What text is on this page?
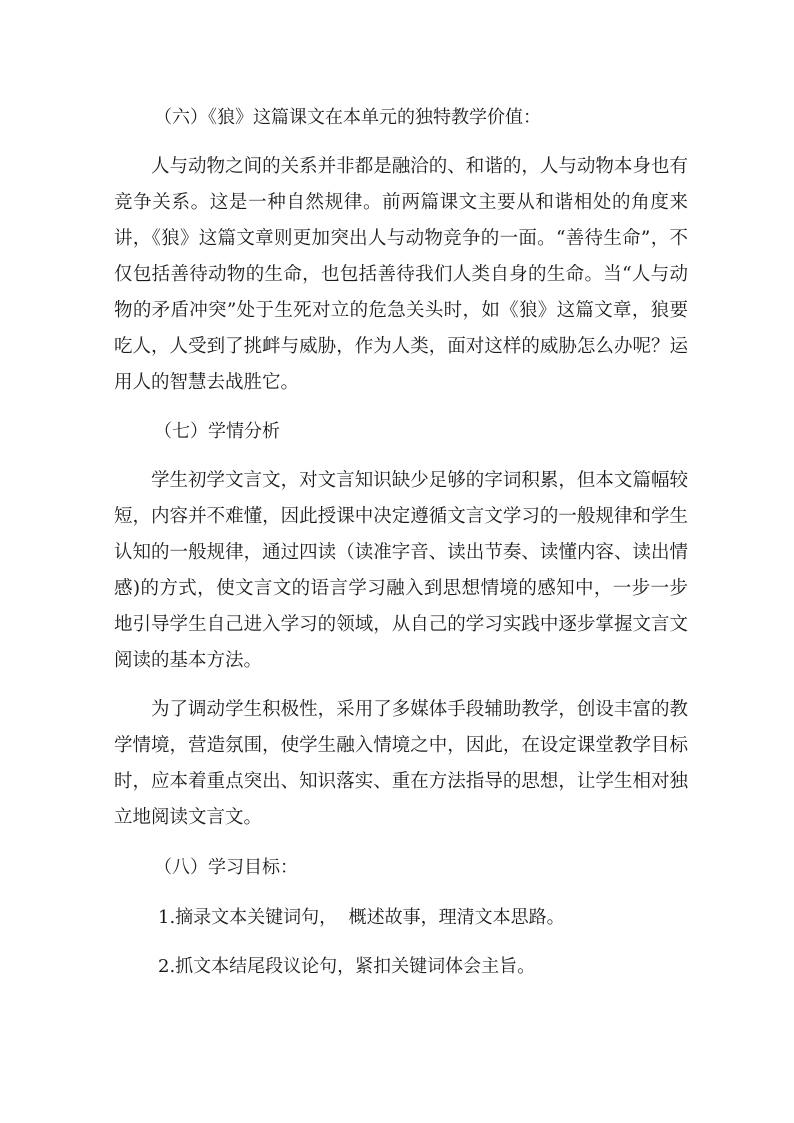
（六）《狼》这篇课文在本单元的独特教学价值：

人与动物之间的关系并非都是融洽的、和谐的，人与动物本身也有竞争关系。这是一种自然规律。前两篇课文主要从和谐相处的角度来讲，《狼》这篇文章则更加突出人与动物竞争的一面。“善待生命”，不仅包括善待动物的生命，也包括善待我们人类自身的生命。当“人与动物的矛盾冲突”处于生死对立的危急关头时，如《狼》这篇文章，狼要吃人，人受到了挑衅与威胁，作为人类，面对这样的威胁怎么办呢？运用人的智慧去战胜它。

（七）学情分析

学生初学文言文，对文言知识缺少足够的字词积累，但本文篇幅较短，内容并不难懂，因此授课中决定遵循文言文学习的一般规律和学生认知的一般规律，通过四读（读准字音、读出节奏、读懂内容、读出情感)的方式，使文言文的语言学习融入到思想情境的感知中，一步一步地引导学生自己进入学习的领域，从自己的学习实践中逐步掌握文言文阅读的基本方法。

为了调动学生积极性，采用了多媒体手段辅助教学，创设丰富的教学情境，营造氛围，使学生融入情境之中，因此，在设定课堂教学目标时，应本着重点突出、知识落实、重在方法指导的思想，让学生相对独立地阅读文言文。

（八）学习目标：

1.摘录文本关键词句，  概述故事，理清文本思路。

2.抓文本结尾段议论句，紧扣关键词体会主旨。
